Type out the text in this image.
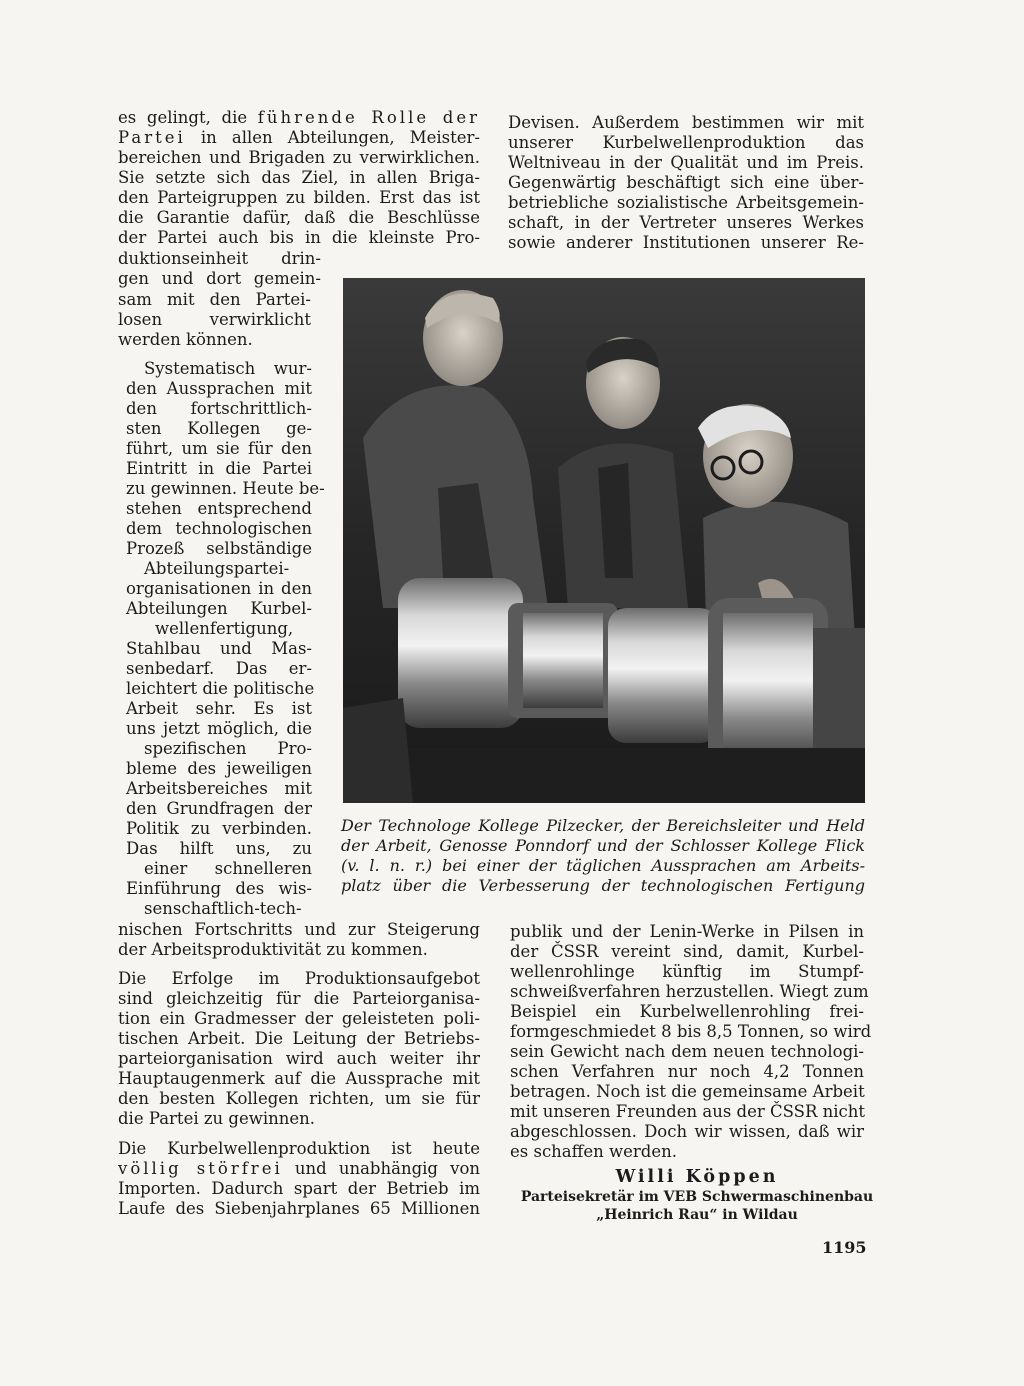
es gelingt, die führende Rolle der
Partei in allen Abteilungen, Meister-
bereichen und Brigaden zu verwirklichen.
Sie setzte sich das Ziel, in allen Briga-
den Parteigruppen zu bilden. Erst das ist
die Garantie dafür, daß die Beschlüsse
der Partei auch bis in die kleinste Pro-
duktionseinheit drin-
gen und dort gemein-
sam mit den Partei-
losen verwirklicht
werden können.
Systematisch wur-
den Aussprachen mit
den fortschrittlich-
sten Kollegen ge-
führt, um sie für den
Eintritt in die Partei
zu gewinnen. Heute be-
stehen entsprechend
dem technologischen
Prozeß selbständige
Abteilungspartei-
organisationen in den
Abteilungen Kurbel-
wellenfertigung,
Stahlbau und Mas-
senbedarf. Das er-
leichtert die politische
Arbeit sehr. Es ist
uns jetzt möglich, die
spezifischen Pro-
bleme des jeweiligen
Arbeitsbereiches mit
den Grundfragen der
Politik zu verbinden.
Das hilft uns, zu
einer schnelleren
Einführung des wis-
senschaftlich-tech-
nischen Fortschritts und zur Steigerung
der Arbeitsproduktivität zu kommen.
Die Erfolge im Produktionsaufgebot
sind gleichzeitig für die Parteiorganisa-
tion ein Gradmesser der geleisteten poli-
tischen Arbeit. Die Leitung der Betriebs-
parteiorganisation wird auch weiter ihr
Hauptaugenmerk auf die Aussprache mit
den besten Kollegen richten, um sie für
die Partei zu gewinnen.
Die Kurbelwellenproduktion ist heute
völlig störfrei und unabhängig von
Importen. Dadurch spart der Betrieb im
Laufe des Siebenjahrplanes 65 Millionen
Devisen. Außerdem bestimmen wir mit
unserer Kurbelwellenproduktion das
Weltniveau in der Qualität und im Preis.
Gegenwärtig beschäftigt sich eine über-
betriebliche sozialistische Arbeitsgemein-
schaft, in der Vertreter unseres Werkes
sowie anderer Institutionen unserer Re-
Der Technologe Kollege Pilzecker, der Bereichsleiter und Held
der Arbeit, Genosse Ponndorf und der Schlosser Kollege Flick
(v. l. n. r.) bei einer der täglichen Aussprachen am Arbeits-
platz über die Verbesserung der technologischen Fertigung
publik und der Lenin-Werke in Pilsen in
der ČSSR vereint sind, damit, Kurbel-
wellenrohlinge künftig im Stumpf-
schweißverfahren herzustellen. Wiegt zum
Beispiel ein Kurbelwellenrohling frei-
formgeschmiedet 8 bis 8,5 Tonnen, so wird
sein Gewicht nach dem neuen technologi-
schen Verfahren nur noch 4,2 Tonnen
betragen. Noch ist die gemeinsame Arbeit
mit unseren Freunden aus der ČSSR nicht
abgeschlossen. Doch wir wissen, daß wir
es schaffen werden.
Willi Köppen
Parteisekretär im VEB Schwermaschinenbau
„Heinrich Rau“ in Wildau
1195
